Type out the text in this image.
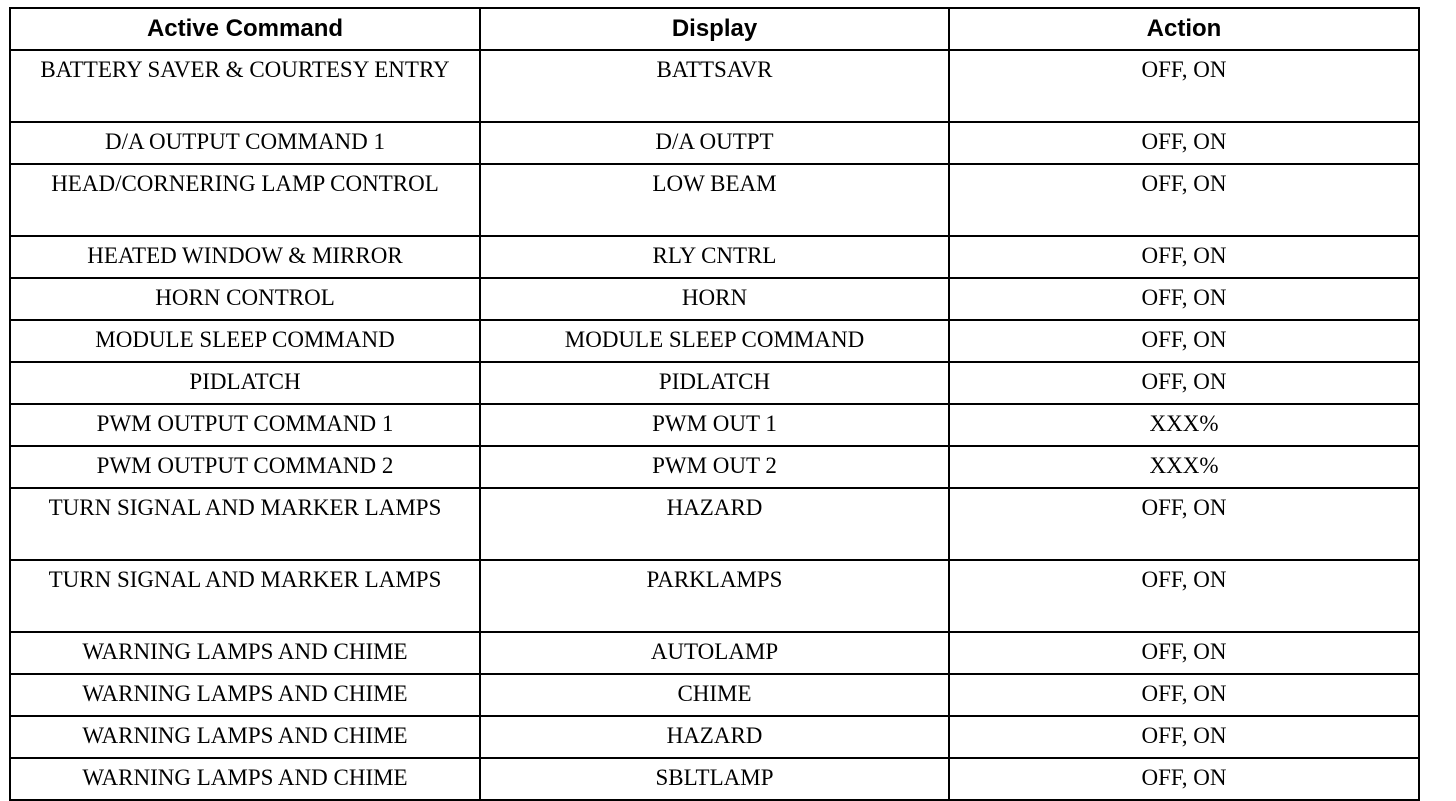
Active Command	Display	Action
BATTERY SAVER & COURTESY ENTRY	BATTSAVR	OFF, ON
D/A OUTPUT COMMAND 1	D/A OUTPT	OFF, ON
HEAD/CORNERING LAMP CONTROL	LOW BEAM	OFF, ON
HEATED WINDOW & MIRROR	RLY CNTRL	OFF, ON
HORN CONTROL	HORN	OFF, ON
MODULE SLEEP COMMAND	MODULE SLEEP COMMAND	OFF, ON
PIDLATCH	PIDLATCH	OFF, ON
PWM OUTPUT COMMAND 1	PWM OUT 1	XXX%
PWM OUTPUT COMMAND 2	PWM OUT 2	XXX%
TURN SIGNAL AND MARKER LAMPS	HAZARD	OFF, ON
TURN SIGNAL AND MARKER LAMPS	PARKLAMPS	OFF, ON
WARNING LAMPS AND CHIME	AUTOLAMP	OFF, ON
WARNING LAMPS AND CHIME	CHIME	OFF, ON
WARNING LAMPS AND CHIME	HAZARD	OFF, ON
WARNING LAMPS AND CHIME	SBLTLAMP	OFF, ON
